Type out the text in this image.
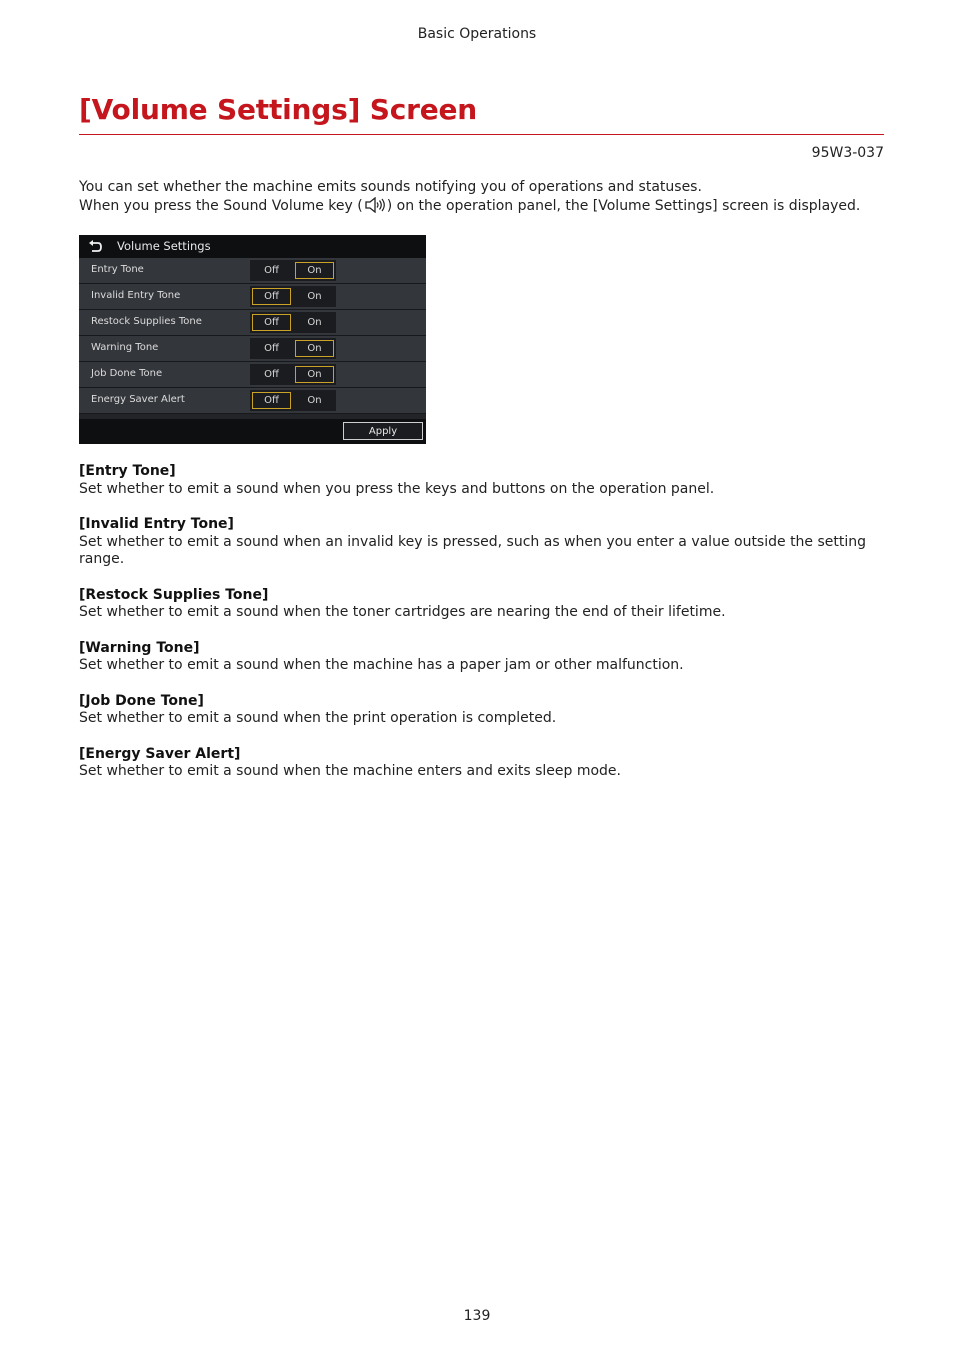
Basic Operations
[Volume Settings] Screen
95W3-037

You can set whether the machine emits sounds notifying you of operations and statuses.

When you press the Sound Volume key ( ) on the operation panel, the [Volume Settings] screen is displayed.

Volume Settings
Entry Tone	Off	On
Invalid Entry Tone	Off	On
Restock Supplies Tone	Off	On
Warning Tone	Off	On
Job Done Tone	Off	On
Energy Saver Alert	Off	On
Apply
[Entry Tone]
Set whether to emit a sound when you press the keys and buttons on the operation panel.
[Invalid Entry Tone]
Set whether to emit a sound when an invalid key is pressed, such as when you enter a value outside the setting range.
[Restock Supplies Tone]
Set whether to emit a sound when the toner cartridges are nearing the end of their lifetime.
[Warning Tone]
Set whether to emit a sound when the machine has a paper jam or other malfunction.
[Job Done Tone]
Set whether to emit a sound when the print operation is completed.
[Energy Saver Alert]
Set whether to emit a sound when the machine enters and exits sleep mode.
139
